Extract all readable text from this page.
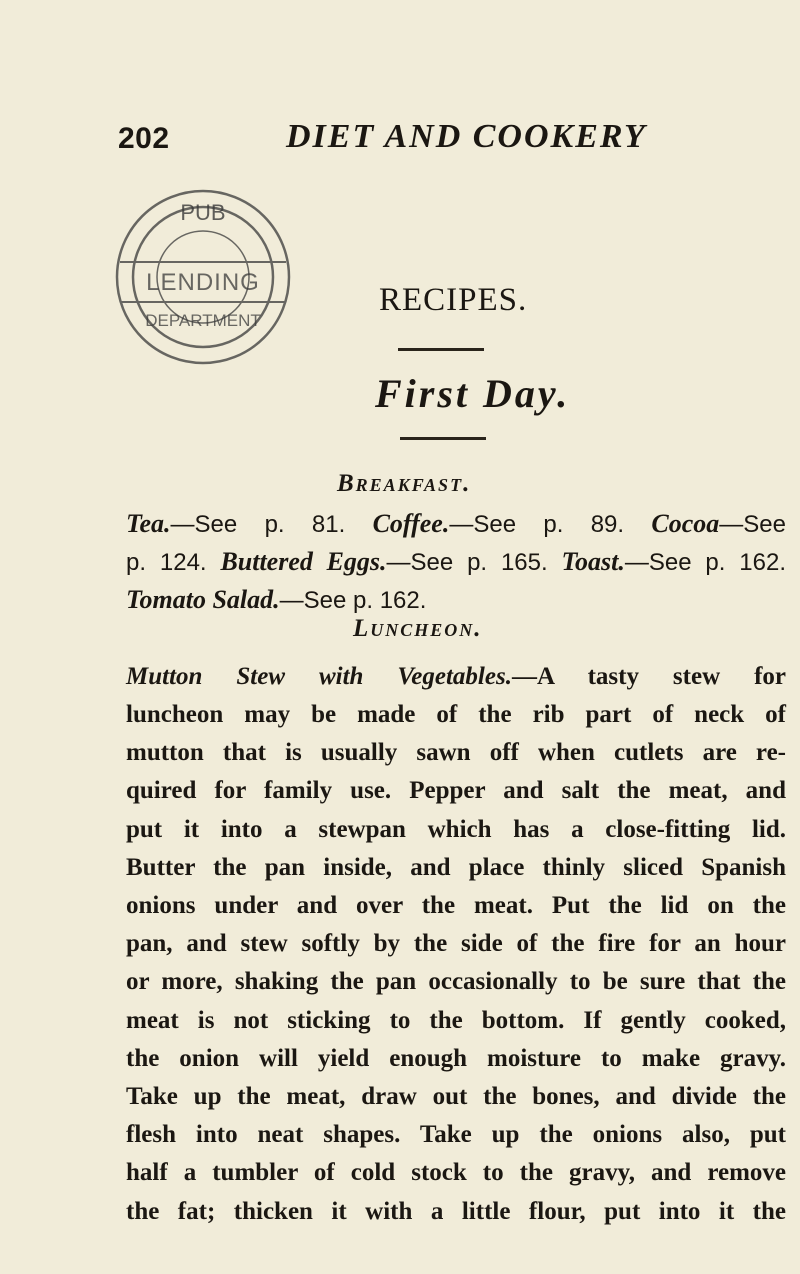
202	DIET AND COOKERY
PUB
LENDING
DEPARTMENT
RECIPES.
First Day.
Breakfast.
Tea.—See p. 81. Coffee.—See p. 89. Cocoa—See
p. 124. Buttered Eggs.—See p. 165. Toast.—See p. 162.
Tomato Salad.—See p. 162.
Luncheon.
Mutton Stew with Vegetables.—A tasty stew for
luncheon may be made of the rib part of neck of
mutton that is usually sawn off when cutlets are re-
quired for family use. Pepper and salt the meat, and
put it into a stewpan which has a close-fitting lid.
Butter the pan inside, and place thinly sliced Spanish
onions under and over the meat. Put the lid on the
pan, and stew softly by the side of the fire for an hour
or more, shaking the pan occasionally to be sure that the
meat is not sticking to the bottom. If gently cooked,
the onion will yield enough moisture to make gravy.
Take up the meat, draw out the bones, and divide the
flesh into neat shapes. Take up the onions also, put
half a tumbler of cold stock to the gravy, and remove
the fat; thicken it with a little flour, put into it the
